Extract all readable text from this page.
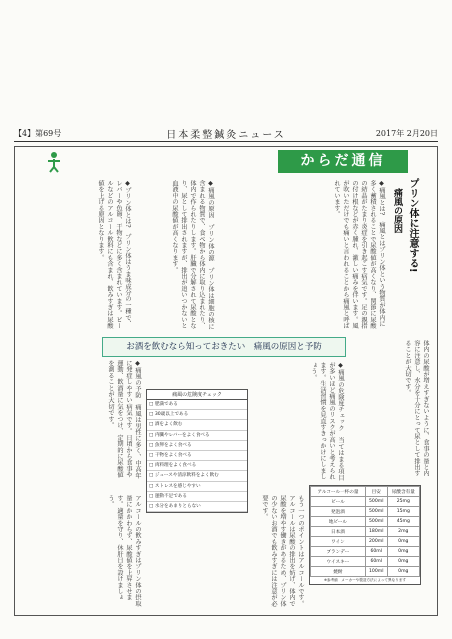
【4】第69号	日本柔整鍼灸ニュース	2017年 2月20日
からだ通信
プリン体に注意する!
痛風の原因
◆痛風とは?　痛風とはプリン体という物質が体内に多く蓄積されることで尿酸値が高くなり、関節に尿酸の結晶がたまり炎症を引き起こす病気です。足の親指の付け根などが赤く腫れ、激しい痛みを伴います。風が吹いただけでも痛いと言われることから痛風と呼ばれています。
◆痛風の原因　プリン体の源　プリン体は細胞の核に含まれる物質で、食べ物から体内に取り込まれたり、体内で作られたりします。肝臓で分解されて尿酸となり、尿として排出されますが、排出が追いつかないと血液中の尿酸値が高くなります。
◆プリン体とは?　プリン体はうま味成分の一種で、レバーや魚卵、干物などに多く含まれています。ビールなどのアルコール飲料にも含まれ、飲みすぎは尿酸値を上げる原因となります。
お酒を飲むなら知っておきたい　痛風の原因と予防	体内の尿酸が増えすぎないように、食事の量と内容に注意し、水分を十分にとって尿として排出することが大切です。
◆痛風の危険度チェック　当てはまる項目が多いほど痛風のリスクが高いと考えられます。生活習慣を見直すきっかけにしましょう。
痛風の危険度チェック
□ 肥満である
□ 30歳以上である
□ 酒をよく飲む
□ 内臓やレバーをよく食べる
□ 魚卵をよく食べる
□ 干物をよく食べる
□ 肉料理をよく食べる
□ ジュースや清涼飲料をよく飲む
□ ストレスを感じやすい
□ 運動不足である
□ 水分をあまりとらない
◆痛風の予防　痛風は男性に多く、中高年に発症しやすい病気です。日頃から食事や運動、飲酒量に気をつけ、定期的に尿酸値を測ることが大切です。
もう一つのポイントはアルコールです。アルコールは尿酸の排出を妨げ、体内で尿酸を増やす働きがあるため、プリン体の少ないお酒でも飲みすぎには注意が必要です。
アルコールの飲みすぎはプリン体の摂取量にかかわらず、尿酸値を上昇させます。適量を守り、休肝日を設けましょう。
アルコール一杯の量	目安	尿酸含有量
ビール	500ml	25mg
発泡酒	500ml	15mg
地ビール	500ml	45mg
日本酒	180ml	2mg
ワイン	200ml	0mg
ブランデー	60ml	0mg
ウイスキー	60ml	0mg
焼酎	100ml	0mg
※参考値　メーカーや製造方法によって異なります
